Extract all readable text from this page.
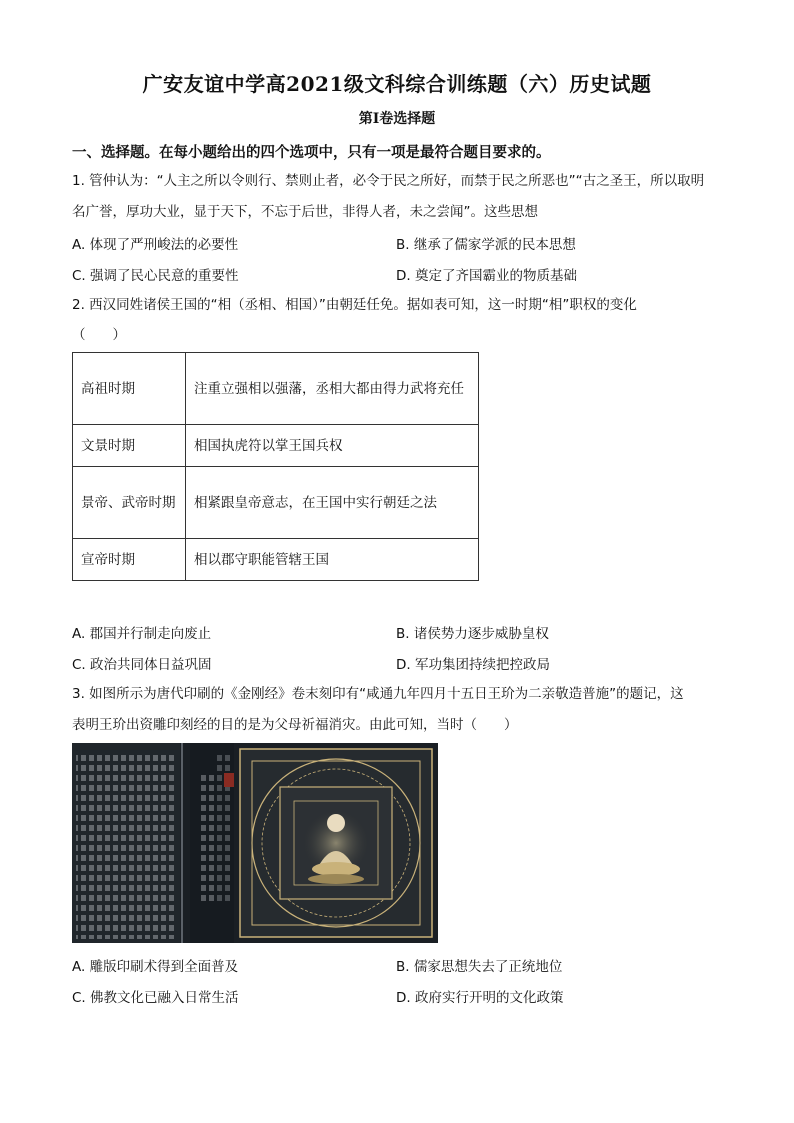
广安友谊中学高2021级文科综合训练题（六）历史试题
第Ⅰ卷选择题
一、选择题。在每小题给出的四个选项中，只有一项是最符合题目要求的。
1. 管仲认为：“人主之所以令则行、禁则止者，必令于民之所好，而禁于民之所恶也”“古之圣王，所以取明
名广誉，厚功大业，显于天下，不忘于后世，非得人者，未之尝闻”。这些思想
A. 体现了严刑峻法的必要性	B. 继承了儒家学派的民本思想
C. 强调了民心民意的重要性	D. 奠定了齐国霸业的物质基础
2. 西汉同姓诸侯王国的“相（丞相、相国）”由朝廷任免。据如表可知，这一时期“相”职权的变化
（　　）
高祖时期	注重立强相以强藩，丞相大都由得力武将充任
文景时期	相国执虎符以掌王国兵权
景帝、武帝时期	相紧跟皇帝意志，在王国中实行朝廷之法
宣帝时期	相以郡守职能管辖王国
A. 郡国并行制走向废止	B. 诸侯势力逐步威胁皇权
C. 政治共同体日益巩固	D. 军功集团持续把控政局
3. 如图所示为唐代印刷的《金刚经》卷末刻印有“咸通九年四月十五日王玠为二亲敬造普施”的题记，这
表明王玠出资雕印刻经的目的是为父母祈福消灾。由此可知，当时（　　）
A. 雕版印刷术得到全面普及	B. 儒家思想失去了正统地位
C. 佛教文化已融入日常生活	D. 政府实行开明的文化政策
